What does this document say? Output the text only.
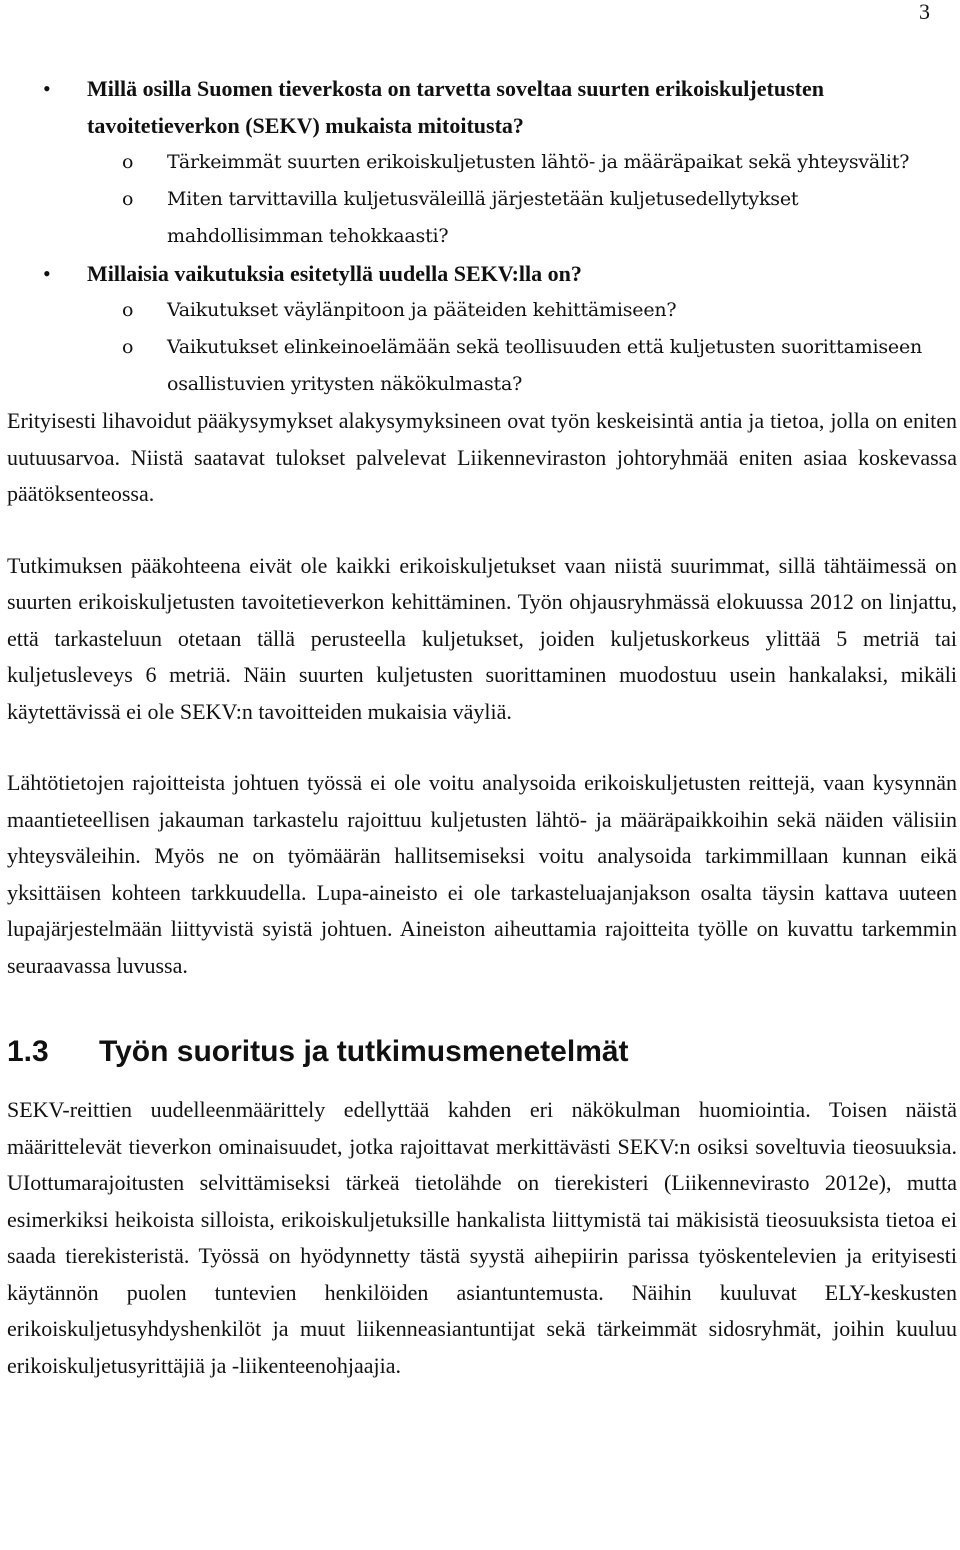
3
• Millä osilla Suomen tieverkosta on tarvetta soveltaa suurten erikoiskuljetusten tavoitetieverkon (SEKV) mukaista mitoitusta?
o Tärkeimmät suurten erikoiskuljetusten lähtö- ja määräpaikat sekä yhteysvälit?
o Miten tarvittavilla kuljetusväleillä järjestetään kuljetusedellytykset mahdollisimman tehokkaasti?
• Millaisia vaikutuksia esitetyllä uudella SEKV:lla on?
o Vaikutukset väylänpitoon ja pääteiden kehittämiseen?
o Vaikutukset elinkeinoelämään sekä teollisuuden että kuljetusten suorittamiseen osallistuvien yritysten näkökulmasta?

Erityisesti lihavoidut pääkysymykset alakysymyksineen ovat työn keskeisintä antia ja tietoa, jolla on eniten uutuusarvoa. Niistä saatavat tulokset palvelevat Liikenneviraston johtoryhmää eniten asiaa koskevassa päätöksenteossa.

Tutkimuksen pääkohteena eivät ole kaikki erikoiskuljetukset vaan niistä suurimmat, sillä tähtäimessä on suurten erikoiskuljetusten tavoitetieverkon kehittäminen. Työn ohjausryhmässä elokuussa 2012 on linjattu, että tarkasteluun otetaan tällä perusteella kuljetukset, joiden kuljetuskorkeus ylittää 5 metriä tai kuljetusleveys 6 metriä. Näin suurten kuljetusten suorittaminen muodostuu usein hankalaksi, mikäli käytettävissä ei ole SEKV:n tavoitteiden mukaisia väyliä.

Lähtötietojen rajoitteista johtuen työssä ei ole voitu analysoida erikoiskuljetusten reittejä, vaan kysynnän maantieteellisen jakauman tarkastelu rajoittuu kuljetusten lähtö- ja määräpaikkoihin sekä näiden välisiin yhteysväleihin. Myös ne on työmäärän hallitsemiseksi voitu analysoida tarkimmillaan kunnan eikä yksittäisen kohteen tarkkuudella. Lupa-aineisto ei ole tarkasteluajanjakson osalta täysin kattava uuteen lupajärjestelmään liittyvistä syistä johtuen. Aineiston aiheuttamia rajoitteita työlle on kuvattu tarkemmin seuraavassa luvussa.

1.3 Työn suoritus ja tutkimusmenetelmät

SEKV-reittien uudelleenmäärittely edellyttää kahden eri näkökulman huomiointia. Toisen näistä määrittelevät tieverkon ominaisuudet, jotka rajoittavat merkittävästi SEKV:n osiksi soveltuvia tieosuuksia. UIottumarajoitusten selvittämiseksi tärkeä tietolähde on tierekisteri (Liikennevirasto 2012e), mutta esimerkiksi heikoista silloista, erikoiskuljetuksille hankalista liittymistä tai mäkisistä tieosuuksista tietoa ei saada tierekisteristä. Työssä on hyödynnetty tästä syystä aihepiirin parissa työskentelevien ja erityisesti käytännön puolen tuntevien henkilöiden asiantuntemusta. Näihin kuuluvat ELY-keskusten erikoiskuljetusyhdyshenkilöt ja muut liikenneasiantuntijat sekä tärkeimmät sidosryhmät, joihin kuuluu erikoiskuljetusyrittäjiä ja -liikenteenohjaajia.
